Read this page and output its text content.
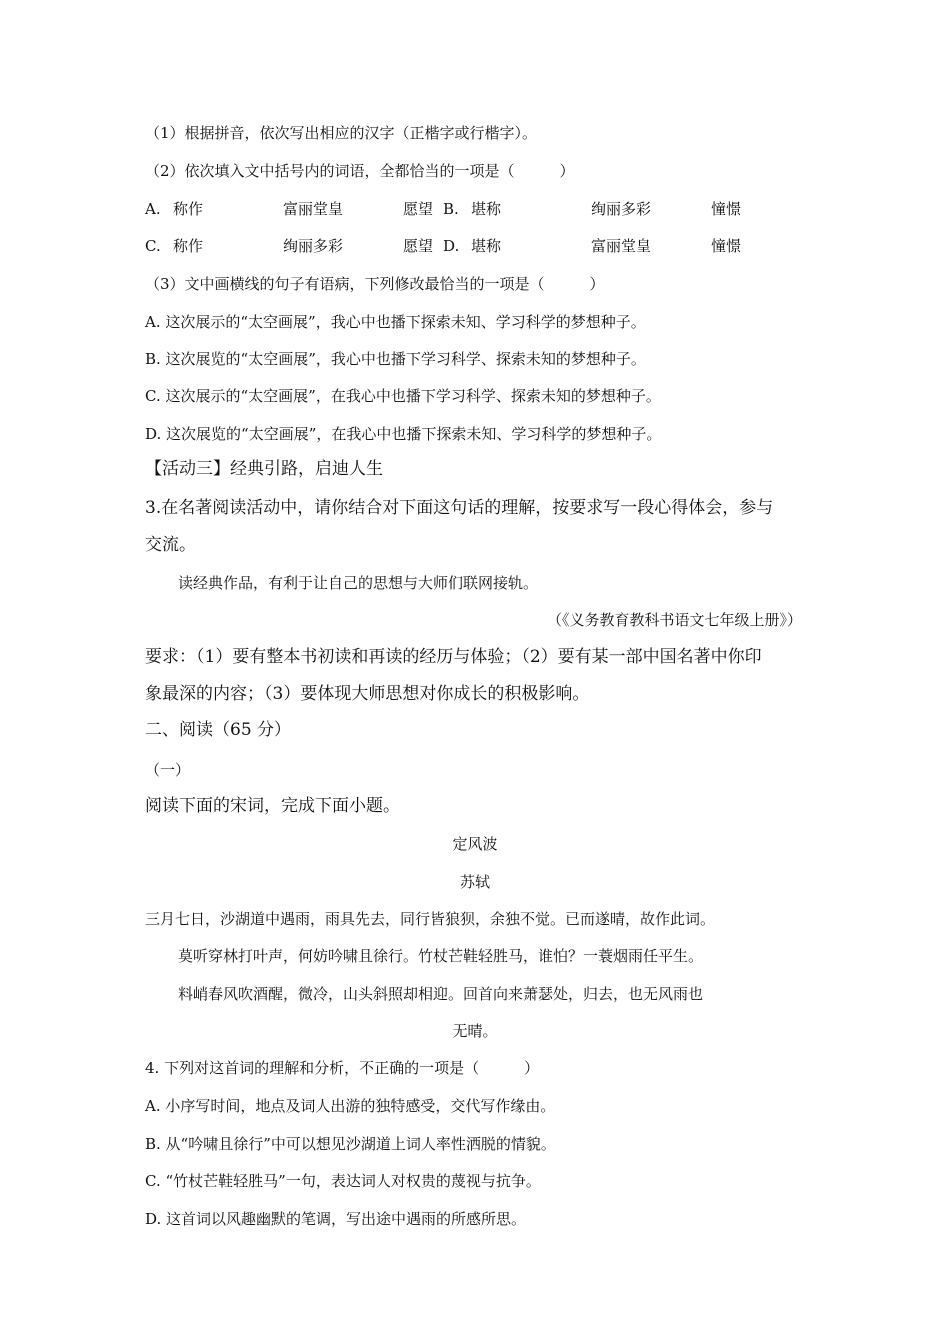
（1）根据拼音，依次写出相应的汉字（正楷字或行楷字）。
（2）依次填入文中括号内的词语，全都恰当的一项是（　　　）
A. 称作	富丽堂皇	愿望 B. 堪称	绚丽多彩	憧憬
C. 称作	绚丽多彩	愿望 D. 堪称	富丽堂皇	憧憬
（3）文中画横线的句子有语病，下列修改最恰当的一项是（　　　）
A. 这次展示的“太空画展”，我心中也播下探索未知、学习科学的梦想种子。
B. 这次展览的“太空画展”，我心中也播下学习科学、探索未知的梦想种子。
C. 这次展示的“太空画展”，在我心中也播下学习科学、探索未知的梦想种子。
D. 这次展览的“太空画展”，在我心中也播下探索未知、学习科学的梦想种子。
【活动三】经典引路，启迪人生
3.在名著阅读活动中，请你结合对下面这句话的理解，按要求写一段心得体会，参与
交流。
读经典作品，有利于让自己的思想与大师们联网接轨。
（《义务教育教科书语文七年级上册》）
要求：（1）要有整本书初读和再读的经历与体验；（2）要有某一部中国名著中你印
象最深的内容；（3）要体现大师思想对你成长的积极影响。
二、阅读（65 分）
（一）
阅读下面的宋词，完成下面小题。
定风波
苏轼
三月七日，沙湖道中遇雨，雨具先去，同行皆狼狈，余独不觉。已而遂晴，故作此词。
莫听穿林打叶声，何妨吟啸且徐行。竹杖芒鞋轻胜马，谁怕？一蓑烟雨任平生。
料峭春风吹酒醒，微冷，山头斜照却相迎。回首向来萧瑟处，归去，也无风雨也
无晴。
4. 下列对这首词的理解和分析，不正确的一项是（　　　）
A. 小序写时间，地点及词人出游的独特感受，交代写作缘由。
B. 从“吟啸且徐行”中可以想见沙湖道上词人率性洒脱的情貌。
C. “竹杖芒鞋轻胜马”一句，表达词人对权贵的蔑视与抗争。
D. 这首词以风趣幽默的笔调，写出途中遇雨的所感所思。
